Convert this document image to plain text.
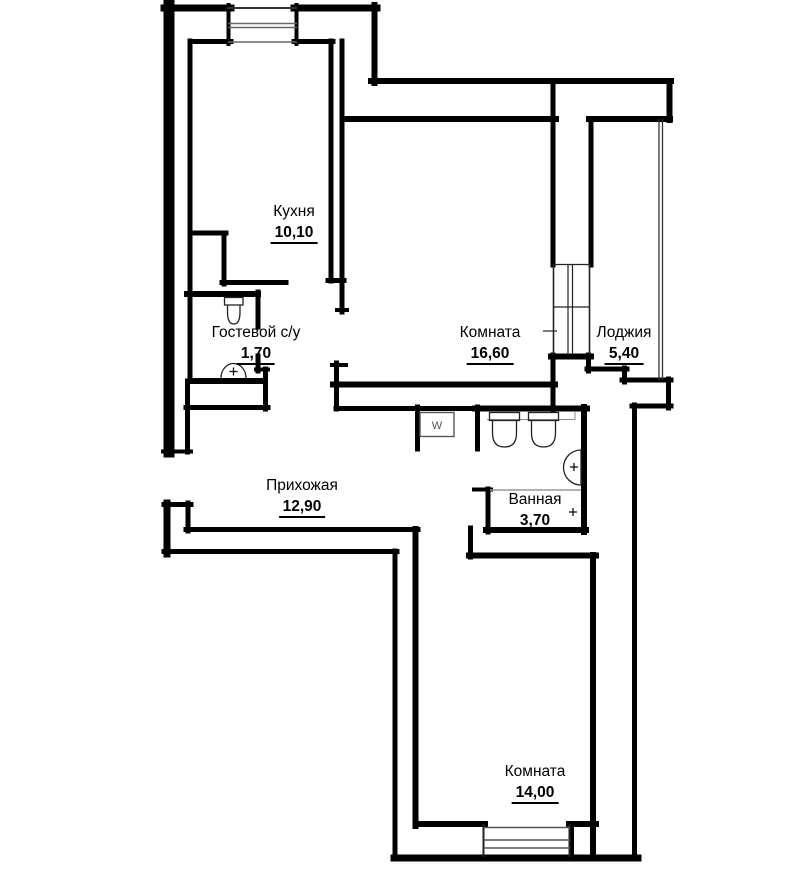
W
Кухня
10,10
Гостевой с/у
1,70
Комната
16,60
Лоджия
5,40
Прихожая
12,90	Ванная
3,70
Комната
14,00
